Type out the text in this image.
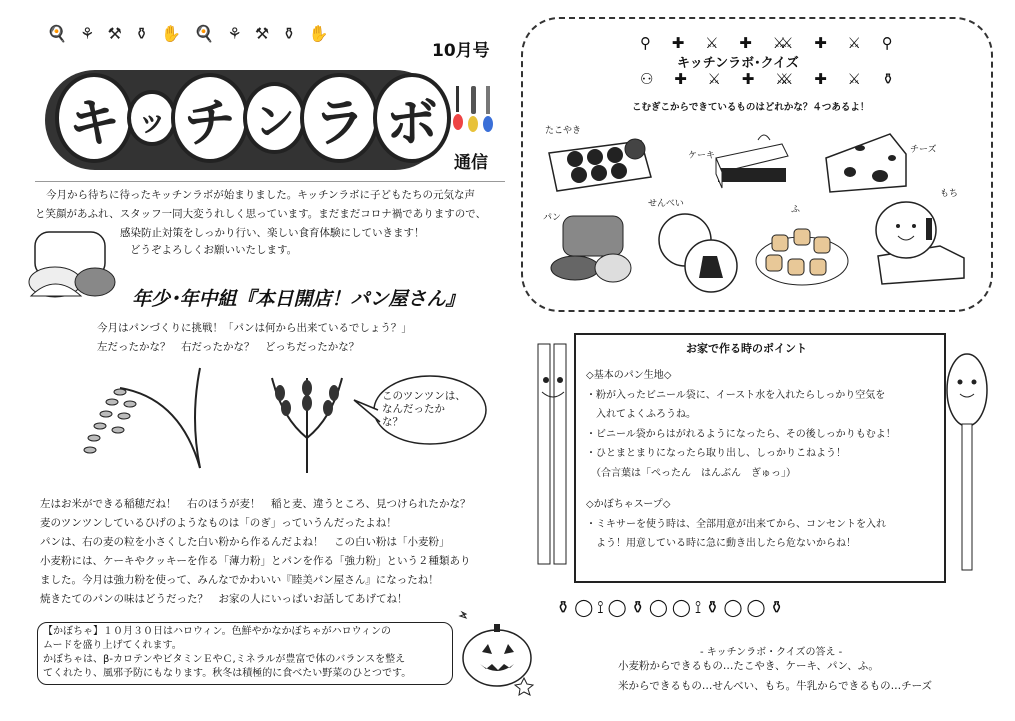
🍳 ⚘ ⚒ ⚱ ✋ 🍳 ⚘ ⚒ ⚱ ✋
10月号
キ ッ チ ン ラ ボ
通信
今月から待ちに待ったキッチンラボが始まりました。キッチンラボに子どもたちの元気な声
と笑顔があふれ、スタッフ一同大変うれしく思っています。まだまだコロナ禍でありますので、
感染防止対策をしっかり行い、楽しい食育体験にしていきます！
どうぞよろしくお願いいたします。
年少･年中組『本日開店！パン屋さん』
今月はパンづくりに挑戦！「パンは何から出来ているでしょう？」
左だったかな？　右だったかな？　どっちだったかな？
このツンツンは、
なんだったか
な？
左はお米ができる稲穂だね！　右のほうが麦！　稲と麦、違うところ、見つけられたかな？
麦のツンツンしているひげのようなものは「のぎ」っていうんだったよね！
パンは、右の麦の粒を小さくした白い粉から作るんだよね！　この白い粉は「小麦粉」
小麦粉には、ケーキやクッキーを作る「薄力粉」とパンを作る「強力粉」という２種類あり
ました。今月は強力粉を使って、みんなでかわいい『睦美パン屋さん』になったね！
焼きたてのパンの味はどうだった？　お家の人にいっぱいお話してあげてね！
【かぼちゃ】１０月３０日はハロウィン。色鮮やかなかぼちゃがハロウィンの
ムードを盛り上げてくれます。
かぼちゃは、β-カロテンやビタミンＥやＣ,ミネラルが豊富で体のバランスを整え
てくれたり、風邪予防にもなります。秋冬は積極的に食べたい野菜のひとつです。
⚲ ✚ ⚔ ✚ ⚔
⚇ ✚ ⚔ ✚ ⚔
⚔ ✚ ⚔ ⚲
⚔ ✚ ⚔ ⚱
キッチンラボ･クイズ
こむぎこからできているものはどれかな？４つあるよ！
たこやき
ケーキ
チーズ
パン
せんべい
ふ
もち
お家で作る時のポイント
◇基本のパン生地◇
・粉が入ったビニール袋に、イースト水を入れたらしっかり空気を
　入れてよくふろうね。
・ビニール袋からはがれるようになったら、その後しっかりもむよ！
・ひとまとまりになったら取り出し、しっかりこねよう！
　（合言葉は「ぺったん　はんぶん　ぎゅっ」）
◇かぼちゃスープ◇
・ミキサーを使う時は、全部用意が出来てから、コンセントを入れ
　よう！用意している時に急に動き出したら危ないからね！
⚱◯⟟◯⚱◯◯⟟⚱◯◯⚱
- キッチンラボ・クイズの答え -
小麦粉からできるもの…たこやき、ケーキ、パン、ふ。
米からできるもの…せんべい、もち。牛乳からできるもの…チーズ
